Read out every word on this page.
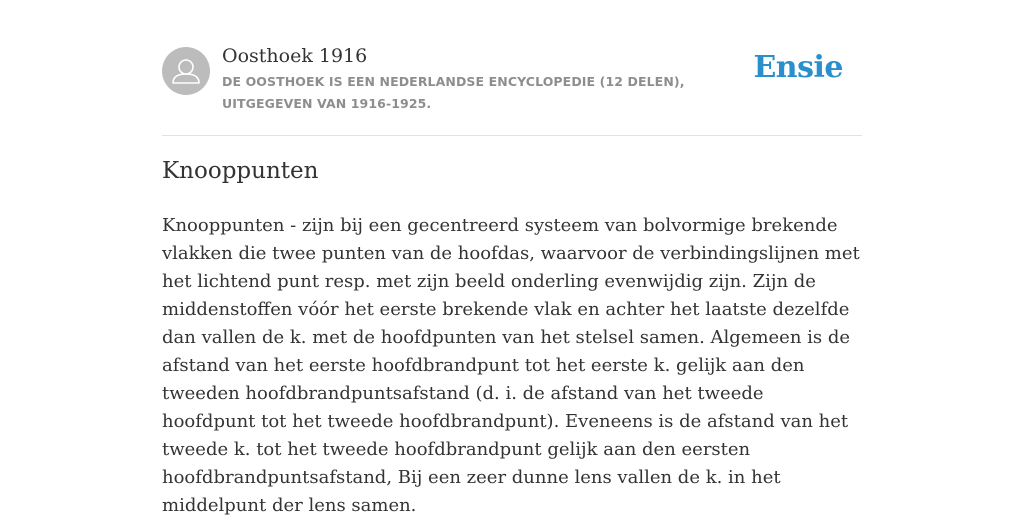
Oosthoek 1916
DE OOSTHOEK IS EEN NEDERLANDSE ENCYCLOPEDIE (12 DELEN), UITGEGEVEN VAN 1916-1925.
Ensie
Knooppunten

Knooppunten - zijn bij een gecentreerd systeem van bolvormige brekende vlakken die twee punten van de hoofdas, waarvoor de verbindingslijnen met het lichtend punt resp. met zijn beeld onderling evenwijdig zijn. Zijn de middenstoffen vóór het eerste brekende vlak en achter het laatste dezelfde dan vallen de k. met de hoofdpunten van het stelsel samen. Algemeen is de afstand van het eerste hoofdbrandpunt tot het eerste k. gelijk aan den tweeden hoofdbrandpuntsafstand (d. i. de afstand van het tweede hoofdpunt tot het tweede hoofdbrandpunt). Eveneens is de afstand van het tweede k. tot het tweede hoofdbrandpunt gelijk aan den eersten hoofdbrandpuntsafstand, Bij een zeer dunne lens vallen de k. in het middelpunt der lens samen.
